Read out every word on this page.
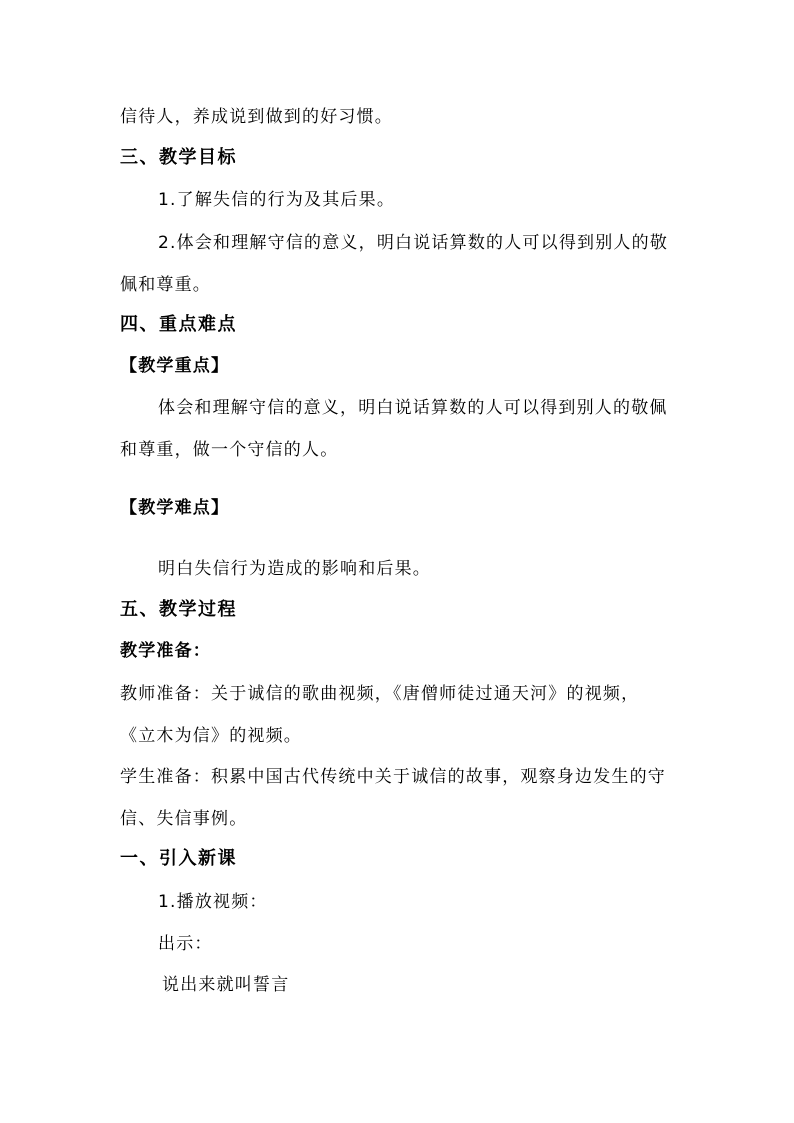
信待人，养成说到做到的好习惯。
三、教学目标
1.了解失信的行为及其后果。
2.体会和理解守信的意义，明白说话算数的人可以得到别人的敬
佩和尊重。
四、重点难点
【教学重点】
体会和理解守信的意义，明白说话算数的人可以得到别人的敬佩
和尊重，做一个守信的人。
【教学难点】
明白失信行为造成的影响和后果。
五、教学过程
教学准备：
教师准备：关于诚信的歌曲视频，《唐僧师徒过通天河》的视频，
《立木为信》的视频。
学生准备：积累中国古代传统中关于诚信的故事，观察身边发生的守
信、失信事例。
一、引入新课
1.播放视频：
出示：
说出来就叫誓言
